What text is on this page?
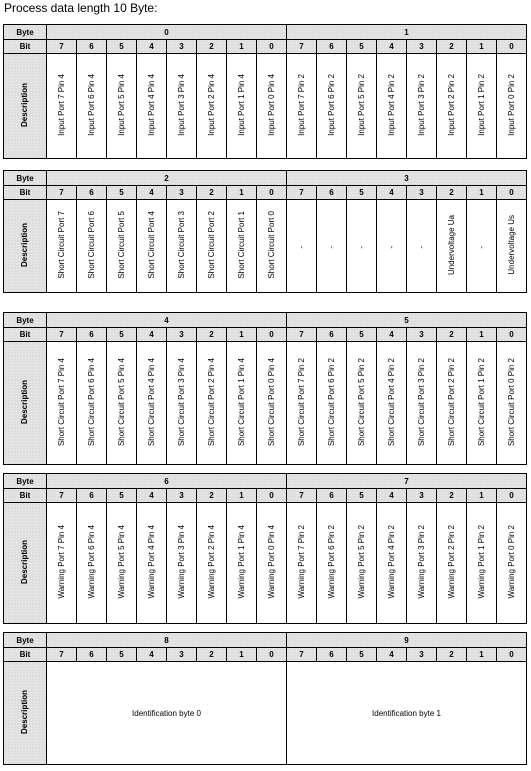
Process data length 10 Byte:
Byte	0								1							
Bit	7	6	5	4	3	2	1	0	7	6	5	4	3	2	1	0
Description	Input Port 7 Pin 4	Input Port 6 Pin 4	Input Port 5 Pin 4	Input Port 4 Pin 4	Input Port 3 Pin 4	Input Port 2 Pin 4	Input Port 1 Pin 4	Input Port 0 Pin 4	Input Port 7 Pin 2	Input Port 6 Pin 2	Input Port 5 Pin 2	Input Port 4 Pin 2	Input Port 3 Pin 2	Input Port 2 Pin 2	Input Port 1 Pin 2	Input Port 0 Pin 2
Byte	2								3							
Bit	7	6	5	4	3	2	1	0	7	6	5	4	3	2	1	0
Description	Short Circuit Port 7	Short Circuit Port 6	Short Circuit Port 5	Short Circuit Port 4	Short Circuit Port 3	Short Circuit Port 2	Short Circuit Port 1	Short Circuit Port 0	-	-	-	-	-	Undervoltage Ua	-	Undervoltage Us
Byte	4								5							
Bit	7	6	5	4	3	2	1	0	7	6	5	4	3	2	1	0
Description	Short Circuit Port 7 Pin 4	Short Circuit Port 6 Pin 4	Short Circuit Port 5 Pin 4	Short Circuit Port 4 Pin 4	Short Circuit Port 3 Pin 4	Short Circuit Port 2 Pin 4	Short Circuit Port 1 Pin 4	Short Circuit Port 0 Pin 4	Short Circuit Port 7 Pin 2	Short Circuit Port 6 Pin 2	Short Circuit Port 5 Pin 2	Short Circuit Port 4 Pin 2	Short Circuit Port 3 Pin 2	Short Circuit Port 2 Pin 2	Short Circuit Port 1 Pin 2	Short Circuit Port 0 Pin 2
Byte	6								7							
Bit	7	6	5	4	3	2	1	0	7	6	5	4	3	2	1	0
Description	Warning Port 7 Pin 4	Warning Port 6 Pin 4	Warning Port 5 Pin 4	Warning Port 4 Pin 4	Warning Port 3 Pin 4	Warning Port 2 Pin 4	Warning Port 1 Pin 4	Warning Port 0 Pin 4	Warning Port 7 Pin 2	Warning Port 6 Pin 2	Warning Port 5 Pin 2	Warning Port 4 Pin 2	Warning Port 3 Pin 2	Warning Port 2 Pin 2	Warning Port 1 Pin 2	Warning Port 0 Pin 2
Byte	8								9							
Bit	7	6	5	4	3	2	1	0	7	6	5	4	3	2	1	0
Description	Identification byte 0								Identification byte 1							
